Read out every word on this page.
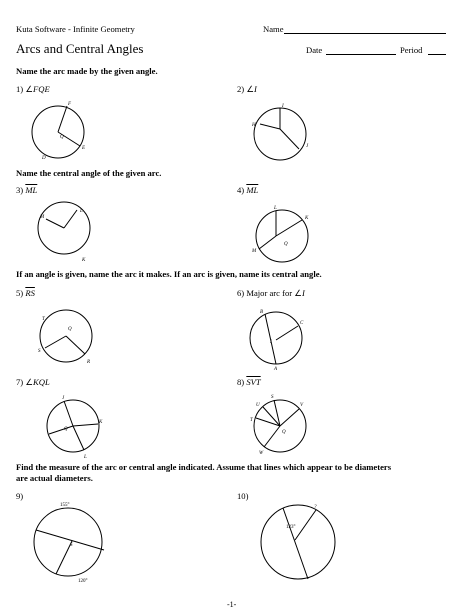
Kuta Software - Infinite Geometry	Name
Arcs and Central Angles	Date	Period
Name the arc made by the given angle.
1) ∠FQE
F
Q
E
D
2) ∠I
I
H
J
Name the central angle of the given arc.
3) $\overline{ML}$
M
L
K
4) $\overline{ML}$
L
K
M
Q
If an angle is given, name the arc it makes. If an arc is given, name its central angle.
5) $\overline{RS}$
T
Q
S
R
6) Major arc for ∠I
B
C
I
A
7) ∠KQL
J
Q
K
L
8) $\overline{SVT}$
S
U	V
T
Q
W
Find the measure of the arc or central angle indicated. Assume that lines which appear to be diameters
are actual diameters.
9)
S
155°
120°
10)
?
123°
-1-
